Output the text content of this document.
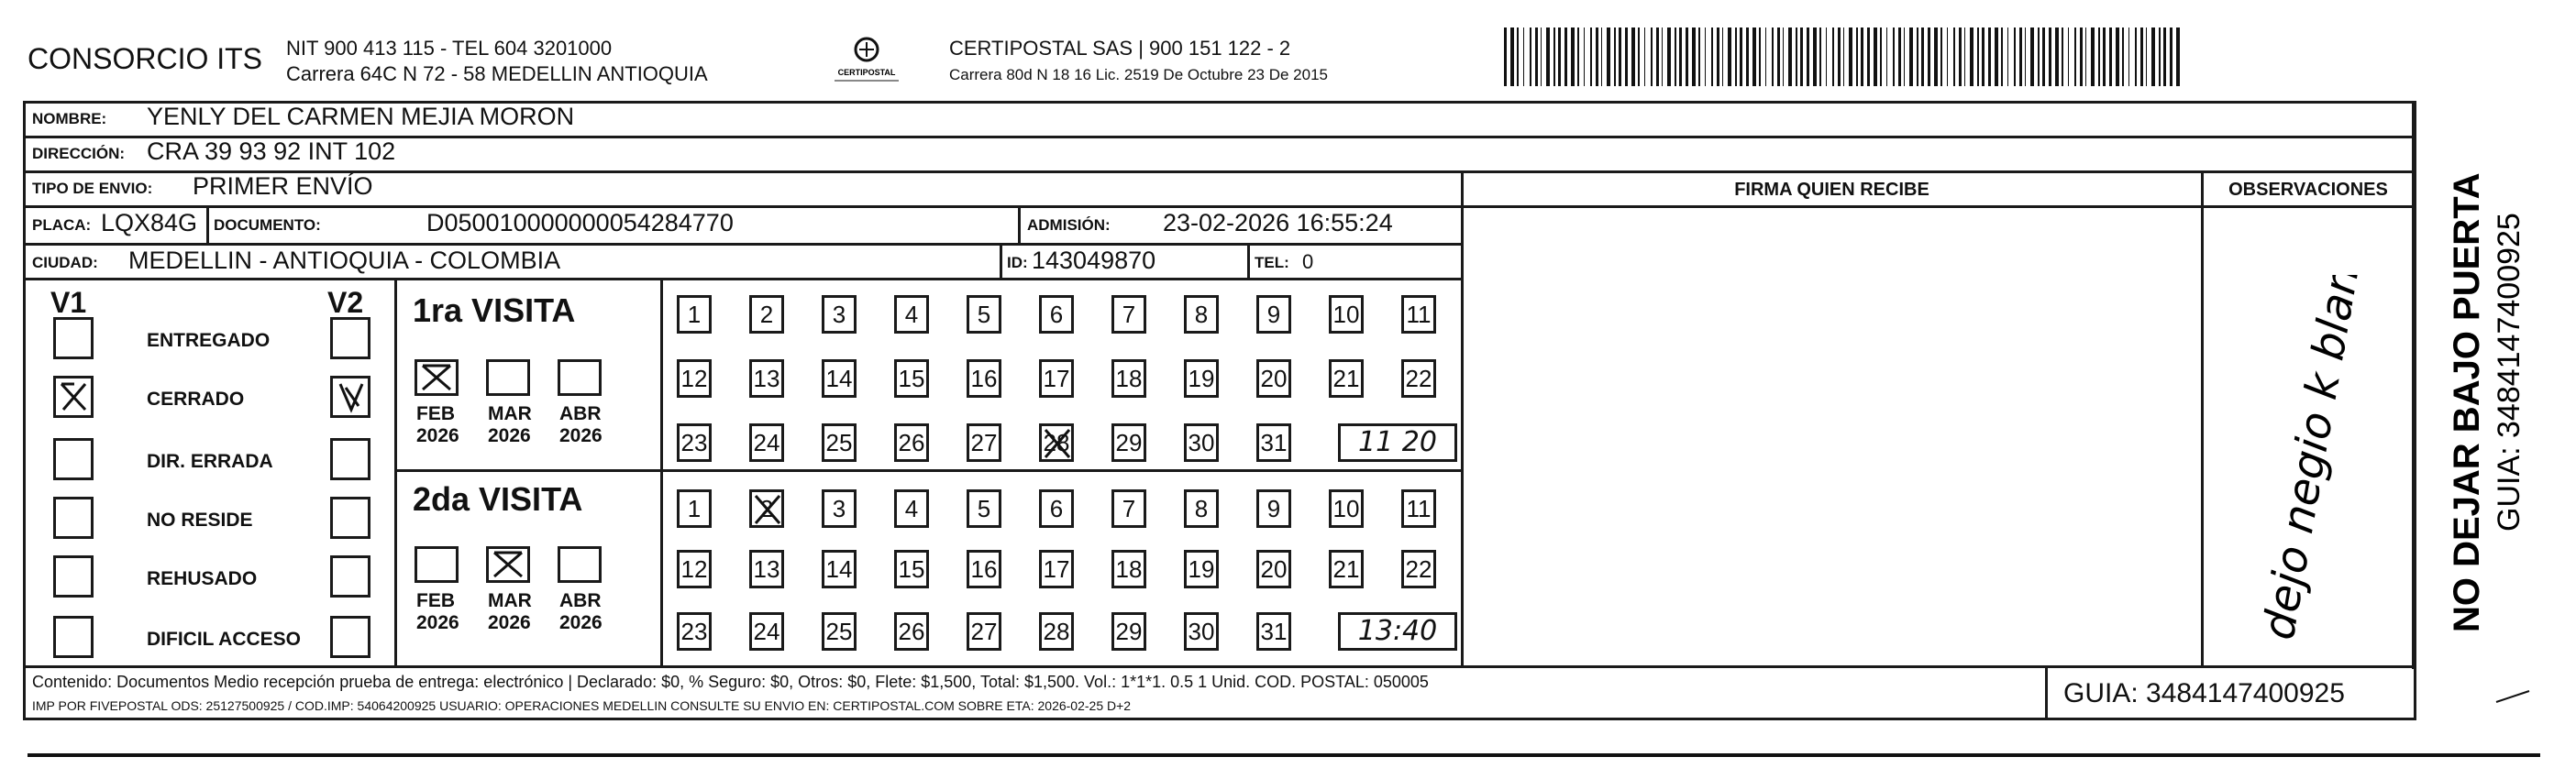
CONSORCIO ITS NIT 900 413 115 - TEL 604 3201000
Carrera 64C N 72 - 58 MEDELLIN ANTIOQUIA	CERTIPOSTAL
CERTIPOSTAL SAS | 900 151 122 - 2
Carrera 80d N 18 16 Lic. 2519 De Octubre 23 De 2015
NOMBRE: YENLY DEL CARMEN MEJIA MORON
DIRECCIÓN: CRA 39 93 92 INT 102
TIPO DE ENVIO: PRIMER ENVÍO	FIRMA QUIEN RECIBE	OBSERVACIONES
PLACA: LQX84G DOCUMENTO:	D050010000000054284770	ADMISIÓN: 23-02-2026 16:55:24
CIUDAD: MEDELLIN - ANTIOQUIA - COLOMBIA	ID: 143049870	TEL: 0
V1	V2
ENTREGADO
CERRADO
DIR. ERRADA
NO RESIDE
REHUSADO
DIFICIL ACCESO
1ra VISITA
2da VISITA
FEB
2026
MAR
2026
ABR
2026
FEB
2026
MAR
2026
ABR
2026
1	2	3	4	5	6	7	8	9	10 11
12 13 14 15 16 17 18 19 20 21 22
23 24 25 26 27 28 29 30 31	11 20
1	2	3	4	5	6	7	8	9	10 11
12 13 14 15 16 17 18 19 20 21 22
23 24 25 26 27 28 29 30 31	13:40	dejo negio k blanco NO DEJAR BAJO PUERTA GUIA: 3484147400925
Contenido: Documentos Medio recepción prueba de entrega: electrónico | Declarado: $0, % Seguro: $0, Otros: $0, Flete: $1,500, Total: $1,500. Vol.: 1*1*1. 0.5 1 Unid. COD. POSTAL: 050005
IMP POR FIVEPOSTAL ODS: 25127500925 / COD.IMP: 54064200925 USUARIO: OPERACIONES MEDELLIN CONSULTE SU ENVIO EN: CERTIPOSTAL.COM SOBRE ETA: 2026-02-25 D+2	GUIA: 3484147400925
